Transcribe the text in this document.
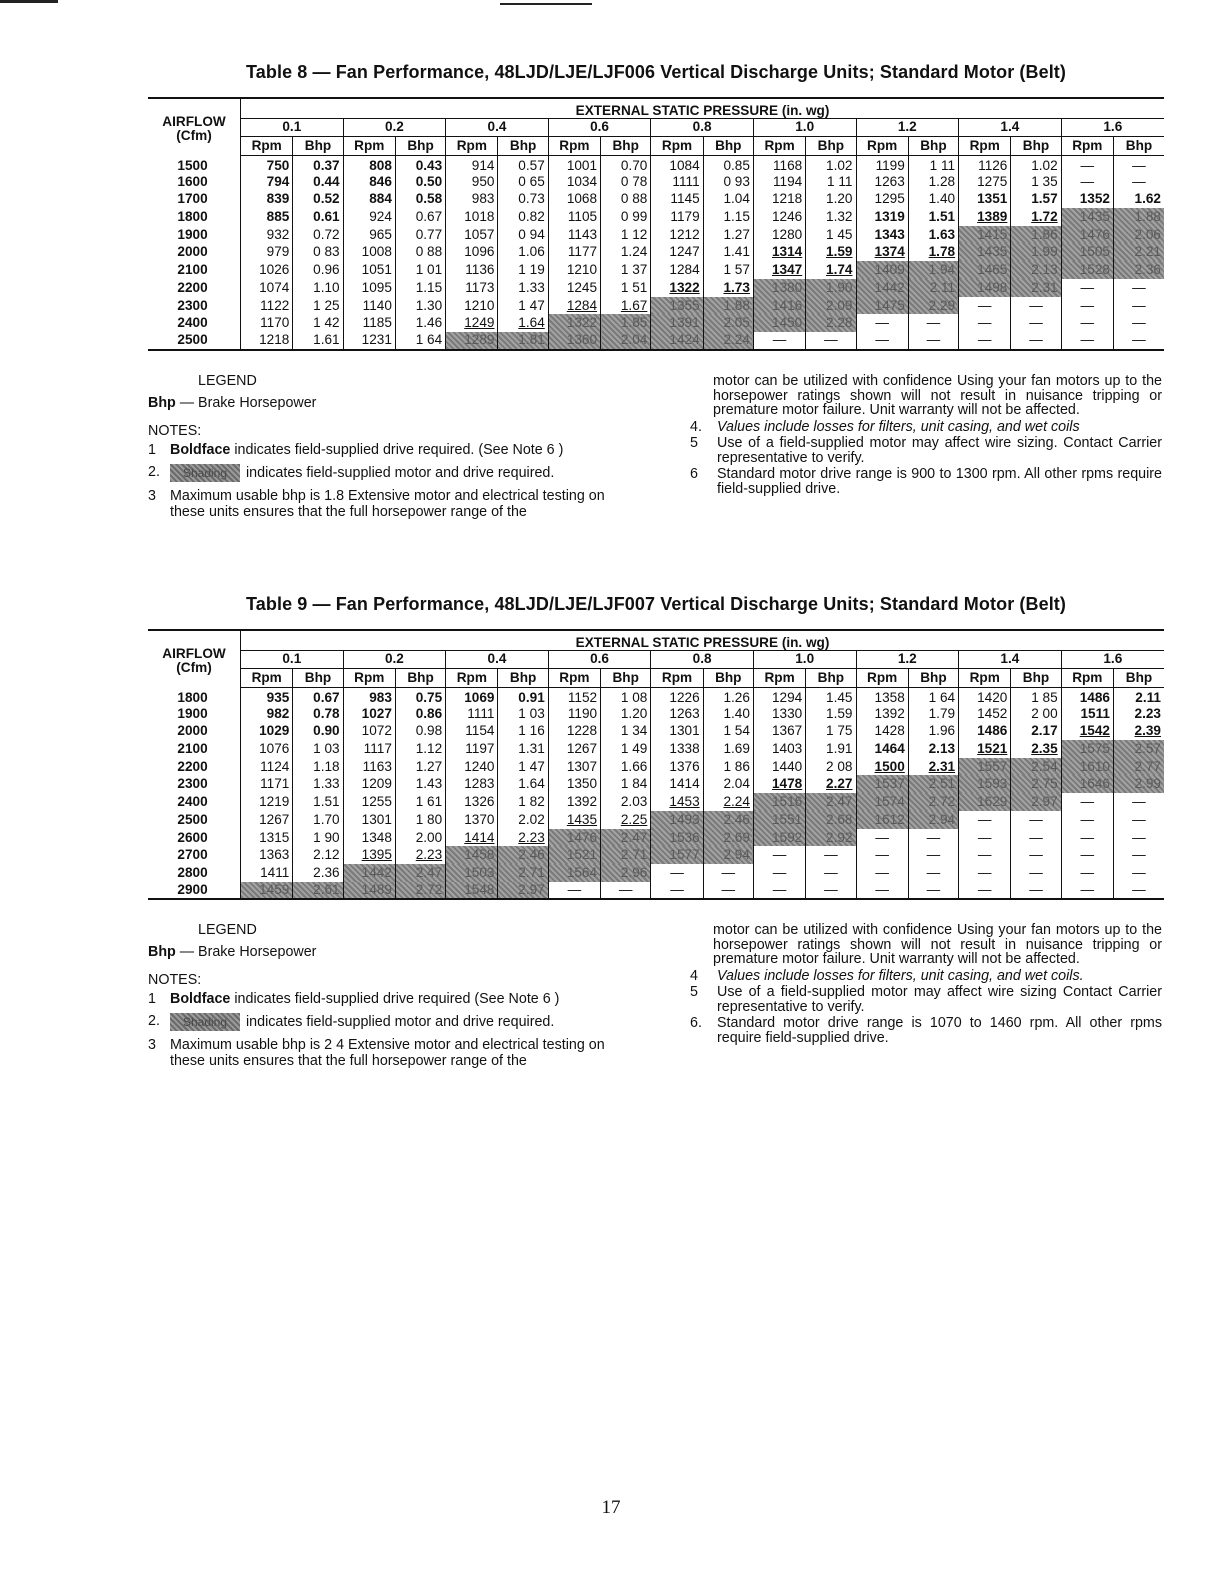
Table 8 — Fan Performance, 48LJD/LJE/LJF006 Vertical Discharge Units; Standard Motor (Belt)
AIRFLOW
(Cfm)	EXTERNAL STATIC PRESSURE (in. wg)																	
	0.1		0.2		0.4		0.6		0.8		1.0		1.2		1.4		1.6	
	Rpm	Bhp	Rpm	Bhp	Rpm	Bhp	Rpm	Bhp	Rpm	Bhp	Rpm	Bhp	Rpm	Bhp	Rpm	Bhp	Rpm	Bhp
1500	750	0.37	808	0.43	914	0.57	1001	0.70	1084	0.85	1168	1.02	1199	1 11	1126	1.02	—	—
1600	794	0.44	846	0.50	950	0 65	1034	0 78	1111	0 93	1194	1 11	1263	1.28	1275	1 35	—	—
1700	839	0.52	884	0.58	983	0.73	1068	0 88	1145	1.04	1218	1.20	1295	1.40	1351	1.57	1352	1.62
1800	885	0.61	924	0.67	1018	0.82	1105	0 99	1179	1.15	1246	1.32	1319	1.51	1389	1.72	1435	1.88
1900	932	0.72	965	0.77	1057	0 94	1143	1 12	1212	1.27	1280	1 45	1343	1.63	1415	1.86	1476	2.06
2000	979	0 83	1008	0 88	1096	1.06	1177	1.24	1247	1.41	1314	1.59	1374	1.78	1435	1.99	1505	2.21
2100	1026	0.96	1051	1 01	1136	1 19	1210	1 37	1284	1 57	1347	1.74	1409	1.94	1465	2.13	1528	2.36
2200	1074	1.10	1095	1.15	1173	1.33	1245	1 51	1322	1.73	1380	1.90	1442	2.11	1498	2.31	—	—
2300	1122	1 25	1140	1.30	1210	1 47	1284	1.67	1355	1.88	1416	2.09	1475	2.29	—	—	—	—
2400	1170	1 42	1185	1.46	1249	1.64	1322	1.85	1391	2.05	1450	2.28	—	—	—	—	—	—
2500	1218	1.61	1231	1 64	1289	1.81	1360	2.04	1424	2.24	—	—	—	—	—	—	—	—
LEGEND
Bhp — Brake Horsepower
NOTES:
1 Boldface indicates field-supplied drive required. (See Note 6 )
2.	Shading indicates field-supplied motor and drive required.
3 Maximum usable bhp is 1.8 Extensive motor and electrical testing on these units ensures that the full horsepower range of the
motor can be utilized with confidence Using your fan motors up to the horsepower ratings shown will not result in nuisance tripping or premature motor failure. Unit warranty will not be affected.
4.	Values include losses for filters, unit casing, and wet coils
5	Use of a field-supplied motor may affect wire sizing. Contact Carrier representative to verify.
6	Standard motor drive range is 900 to 1300 rpm. All other rpms require field-supplied drive.
Table 9 — Fan Performance, 48LJD/LJE/LJF007 Vertical Discharge Units; Standard Motor (Belt)
AIRFLOW
(Cfm)	EXTERNAL STATIC PRESSURE (in. wg)																	
	0.1		0.2		0.4		0.6		0.8		1.0		1.2		1.4		1.6	
	Rpm	Bhp	Rpm	Bhp	Rpm	Bhp	Rpm	Bhp	Rpm	Bhp	Rpm	Bhp	Rpm	Bhp	Rpm	Bhp	Rpm	Bhp
1800	935	0.67	983	0.75	1069	0.91	1152	1 08	1226	1.26	1294	1.45	1358	1 64	1420	1 85	1486	2.11
1900	982	0.78	1027	0.86	1111	1 03	1190	1.20	1263	1.40	1330	1.59	1392	1.79	1452	2 00	1511	2.23
2000	1029	0.90	1072	0.98	1154	1 16	1228	1 34	1301	1 54	1367	1 75	1428	1.96	1486	2.17	1542	2.39
2100	1076	1 03	1117	1.12	1197	1.31	1267	1 49	1338	1.69	1403	1.91	1464	2.13	1521	2.35	1575	2.57
2200	1124	1.18	1163	1.27	1240	1 47	1307	1.66	1376	1 86	1440	2 08	1500	2.31	1557	2.54	1610	2.77
2300	1171	1.33	1209	1.43	1283	1.64	1350	1 84	1414	2.04	1478	2.27	1537	2.51	1593	2.75	1646	2.99
2400	1219	1.51	1255	1 61	1326	1 82	1392	2.03	1453	2.24	1516	2.47	1574	2.72	1629	2.97	—	—
2500	1267	1.70	1301	1 80	1370	2.02	1435	2.25	1493	2.46	1551	2.68	1612	2.94	—	—	—	—
2600	1315	1 90	1348	2.00	1414	2.23	1476	2.47	1536	2.69	1592	2.92	—	—	—	—	—	—
2700	1363	2.12	1395	2.23	1458	2.46	1521	2.71	1577	2.94	—	—	—	—	—	—	—	—
2800	1411	2.36	1442	2.47	1503	2.71	1564	2.96	—	—	—	—	—	—	—	—	—	—
2900	1459	2.61	1489	2.72	1548	2.97	—	—	—	—	—	—	—	—	—	—	—	—
LEGEND
Bhp — Brake Horsepower
NOTES:
1 Boldface indicates field-supplied drive required (See Note 6 )
2.	Shading indicates field-supplied motor and drive required.
3 Maximum usable bhp is 2 4 Extensive motor and electrical testing on these units ensures that the full horsepower range of the
motor can be utilized with confidence Using your fan motors up to the horsepower ratings shown will not result in nuisance tripping or premature motor failure. Unit warranty will not be affected.
4	Values include losses for filters, unit casing, and wet coils.
5	Use of a field-supplied motor may affect wire sizing Contact Carrier representative to verify.
6.	Standard motor drive range is 1070 to 1460 rpm. All other rpms require field-supplied drive.
17
